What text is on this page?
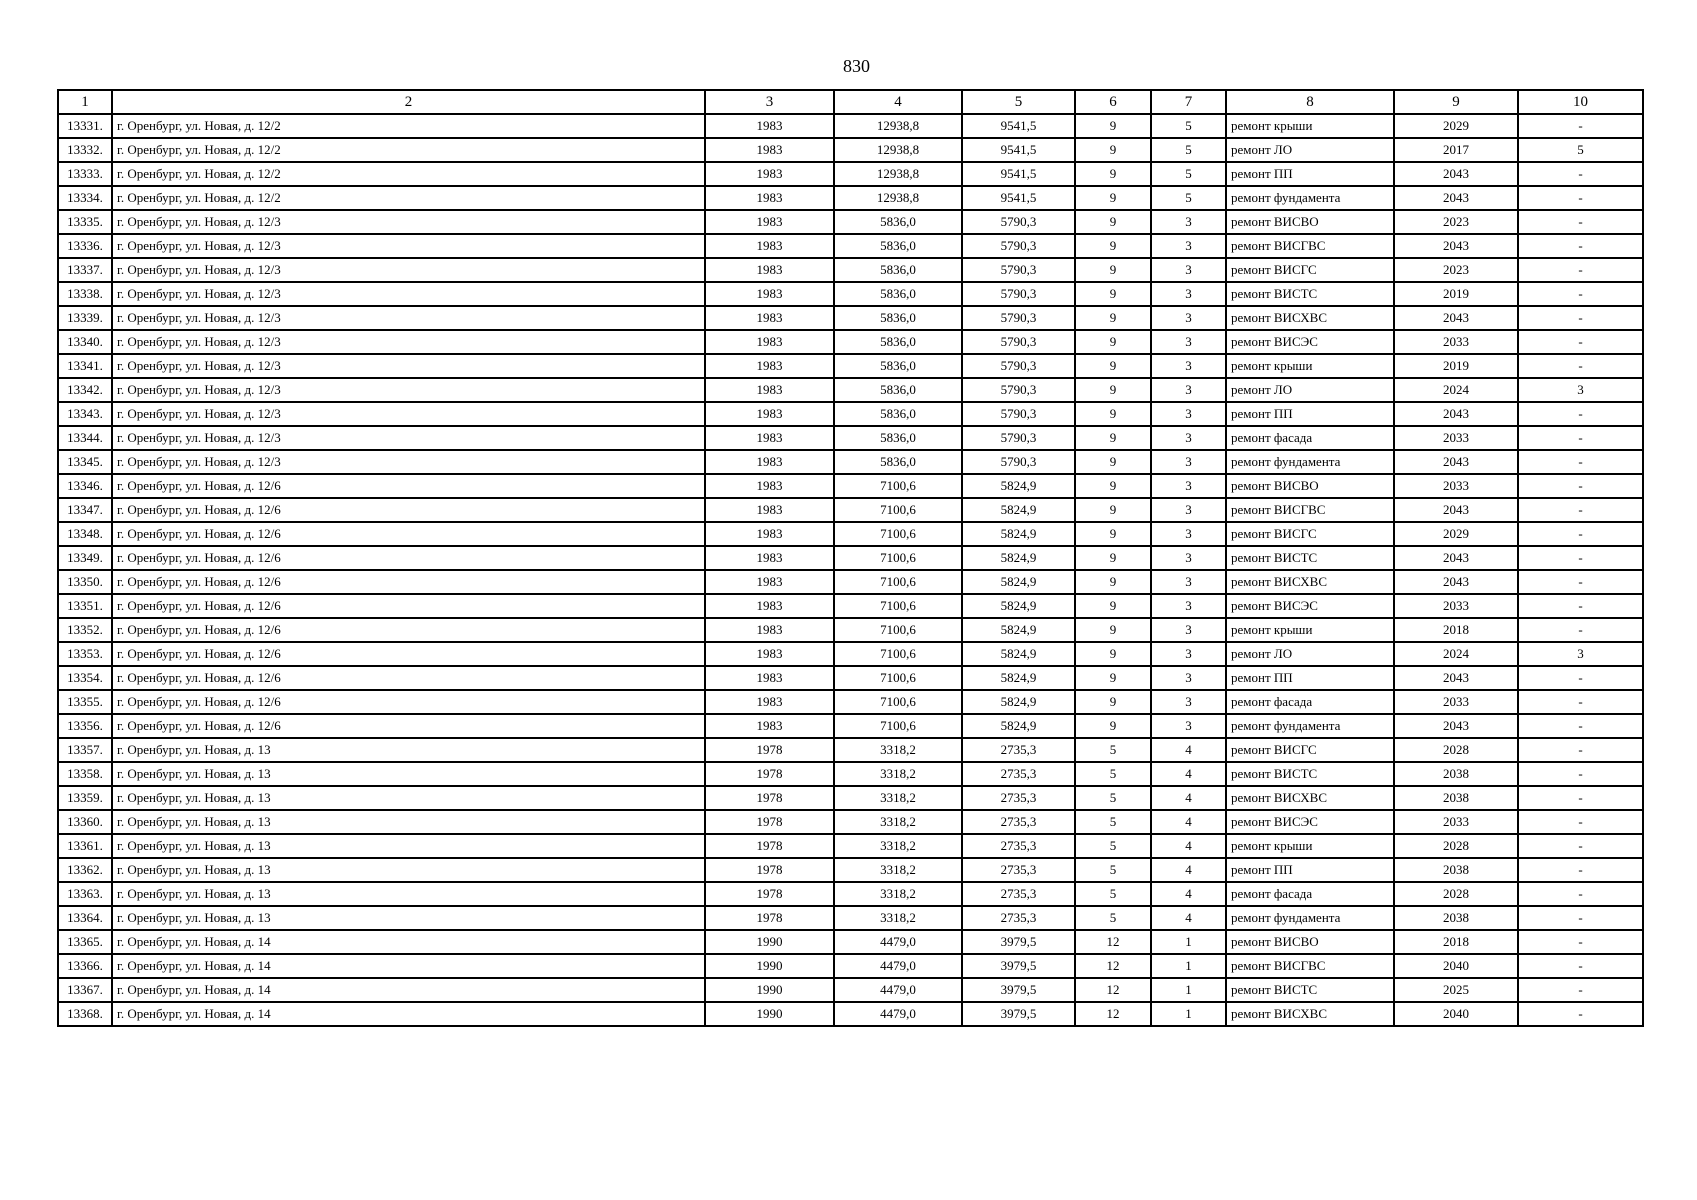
830
1	2	3	4	5	6	7	8	9	10
13331.	г. Оренбург, ул. Новая, д. 12/2	1983	12938,8	9541,5	9	5	ремонт крыши	2029	-
13332.	г. Оренбург, ул. Новая, д. 12/2	1983	12938,8	9541,5	9	5	ремонт ЛО	2017	5
13333.	г. Оренбург, ул. Новая, д. 12/2	1983	12938,8	9541,5	9	5	ремонт ПП	2043	-
13334.	г. Оренбург, ул. Новая, д. 12/2	1983	12938,8	9541,5	9	5	ремонт фундамента	2043	-
13335.	г. Оренбург, ул. Новая, д. 12/3	1983	5836,0	5790,3	9	3	ремонт ВИСВО	2023	-
13336.	г. Оренбург, ул. Новая, д. 12/3	1983	5836,0	5790,3	9	3	ремонт ВИСГВС	2043	-
13337.	г. Оренбург, ул. Новая, д. 12/3	1983	5836,0	5790,3	9	3	ремонт ВИСГС	2023	-
13338.	г. Оренбург, ул. Новая, д. 12/3	1983	5836,0	5790,3	9	3	ремонт ВИСТС	2019	-
13339.	г. Оренбург, ул. Новая, д. 12/3	1983	5836,0	5790,3	9	3	ремонт ВИСХВС	2043	-
13340.	г. Оренбург, ул. Новая, д. 12/3	1983	5836,0	5790,3	9	3	ремонт ВИСЭС	2033	-
13341.	г. Оренбург, ул. Новая, д. 12/3	1983	5836,0	5790,3	9	3	ремонт крыши	2019	-
13342.	г. Оренбург, ул. Новая, д. 12/3	1983	5836,0	5790,3	9	3	ремонт ЛО	2024	3
13343.	г. Оренбург, ул. Новая, д. 12/3	1983	5836,0	5790,3	9	3	ремонт ПП	2043	-
13344.	г. Оренбург, ул. Новая, д. 12/3	1983	5836,0	5790,3	9	3	ремонт фасада	2033	-
13345.	г. Оренбург, ул. Новая, д. 12/3	1983	5836,0	5790,3	9	3	ремонт фундамента	2043	-
13346.	г. Оренбург, ул. Новая, д. 12/6	1983	7100,6	5824,9	9	3	ремонт ВИСВО	2033	-
13347.	г. Оренбург, ул. Новая, д. 12/6	1983	7100,6	5824,9	9	3	ремонт ВИСГВС	2043	-
13348.	г. Оренбург, ул. Новая, д. 12/6	1983	7100,6	5824,9	9	3	ремонт ВИСГС	2029	-
13349.	г. Оренбург, ул. Новая, д. 12/6	1983	7100,6	5824,9	9	3	ремонт ВИСТС	2043	-
13350.	г. Оренбург, ул. Новая, д. 12/6	1983	7100,6	5824,9	9	3	ремонт ВИСХВС	2043	-
13351.	г. Оренбург, ул. Новая, д. 12/6	1983	7100,6	5824,9	9	3	ремонт ВИСЭС	2033	-
13352.	г. Оренбург, ул. Новая, д. 12/6	1983	7100,6	5824,9	9	3	ремонт крыши	2018	-
13353.	г. Оренбург, ул. Новая, д. 12/6	1983	7100,6	5824,9	9	3	ремонт ЛО	2024	3
13354.	г. Оренбург, ул. Новая, д. 12/6	1983	7100,6	5824,9	9	3	ремонт ПП	2043	-
13355.	г. Оренбург, ул. Новая, д. 12/6	1983	7100,6	5824,9	9	3	ремонт фасада	2033	-
13356.	г. Оренбург, ул. Новая, д. 12/6	1983	7100,6	5824,9	9	3	ремонт фундамента	2043	-
13357.	г. Оренбург, ул. Новая, д. 13	1978	3318,2	2735,3	5	4	ремонт ВИСГС	2028	-
13358.	г. Оренбург, ул. Новая, д. 13	1978	3318,2	2735,3	5	4	ремонт ВИСТС	2038	-
13359.	г. Оренбург, ул. Новая, д. 13	1978	3318,2	2735,3	5	4	ремонт ВИСХВС	2038	-
13360.	г. Оренбург, ул. Новая, д. 13	1978	3318,2	2735,3	5	4	ремонт ВИСЭС	2033	-
13361.	г. Оренбург, ул. Новая, д. 13	1978	3318,2	2735,3	5	4	ремонт крыши	2028	-
13362.	г. Оренбург, ул. Новая, д. 13	1978	3318,2	2735,3	5	4	ремонт ПП	2038	-
13363.	г. Оренбург, ул. Новая, д. 13	1978	3318,2	2735,3	5	4	ремонт фасада	2028	-
13364.	г. Оренбург, ул. Новая, д. 13	1978	3318,2	2735,3	5	4	ремонт фундамента	2038	-
13365.	г. Оренбург, ул. Новая, д. 14	1990	4479,0	3979,5	12	1	ремонт ВИСВО	2018	-
13366.	г. Оренбург, ул. Новая, д. 14	1990	4479,0	3979,5	12	1	ремонт ВИСГВС	2040	-
13367.	г. Оренбург, ул. Новая, д. 14	1990	4479,0	3979,5	12	1	ремонт ВИСТС	2025	-
13368.	г. Оренбург, ул. Новая, д. 14	1990	4479,0	3979,5	12	1	ремонт ВИСХВС	2040	-
